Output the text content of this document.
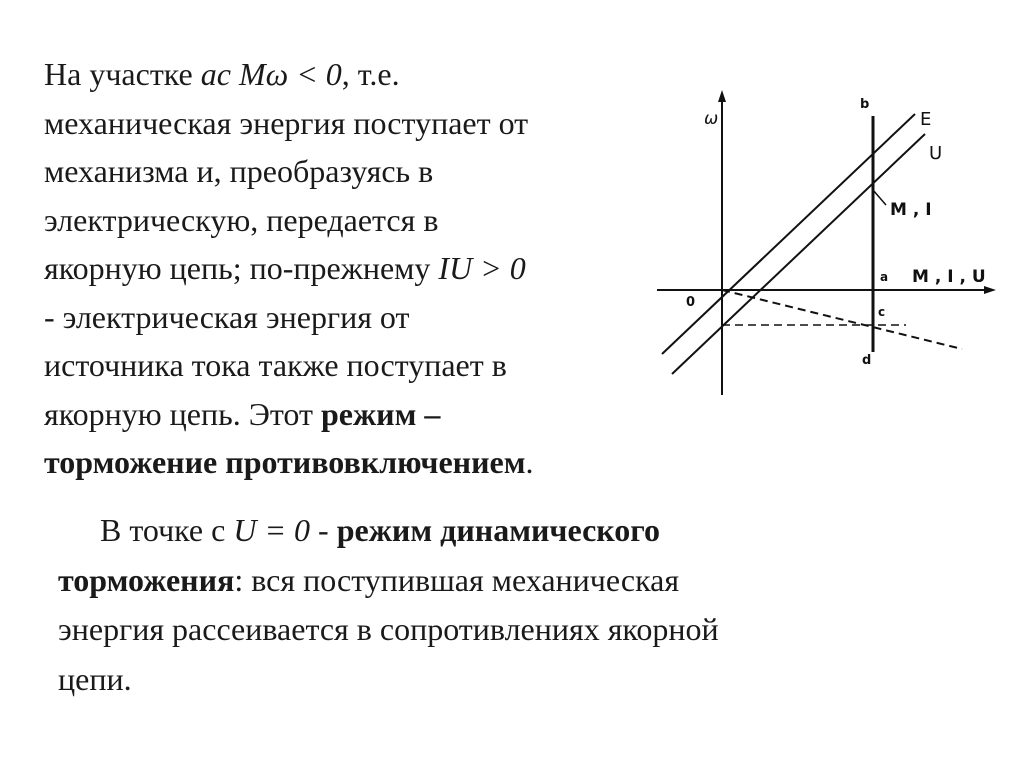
На участке ас Mω < 0, т.е.
механическая энергия поступает от
механизма и, преобразуясь в
электрическую, передается в
якорную цепь; по-прежнему IU > 0
- электрическая энергия от
источника тока также поступает в
якорную цепь. Этот режим –
торможение противовключением.

ω
M , I , U
0
E
U
b
a
c
d
M , I

В точке с U = 0 - режим динамического
торможения: вся поступившая механическая
энергия рассеивается в сопротивлениях якорной
цепи.
